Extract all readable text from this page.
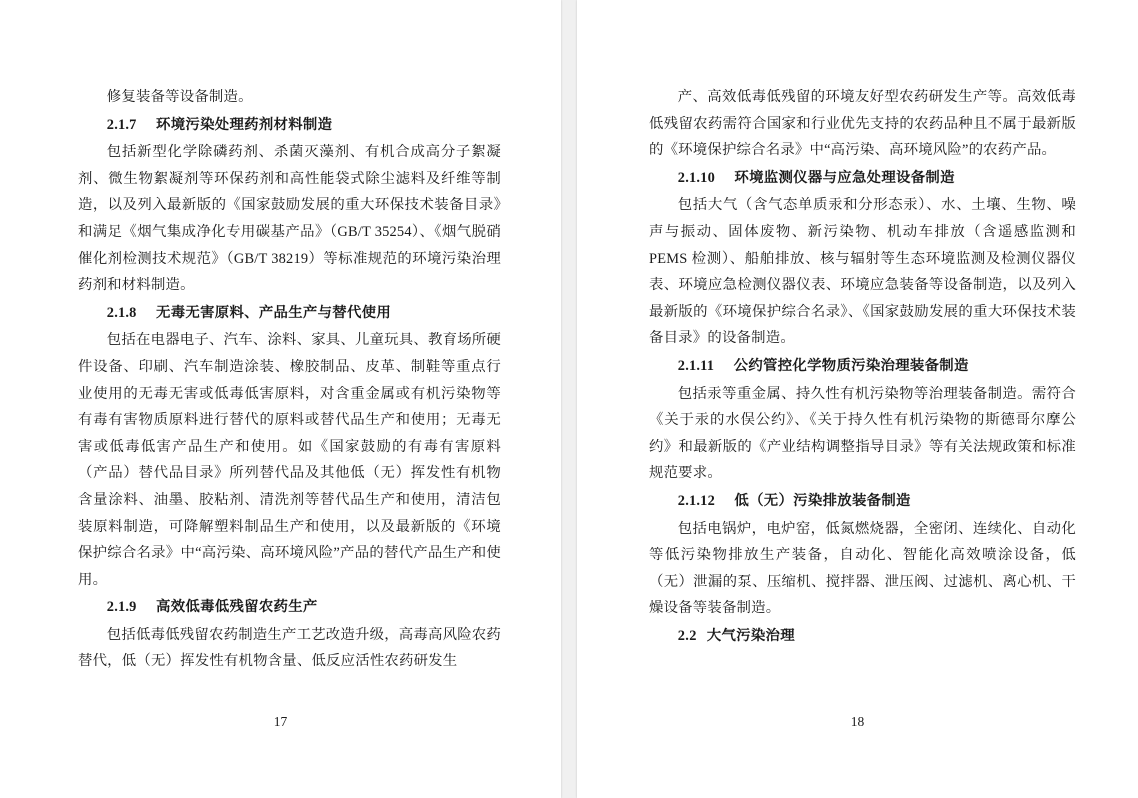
修复装备等设备制造。

2.1.7 环境污染处理药剂材料制造

包括新型化学除磷药剂、杀菌灭藻剂、有机合成高分子絮凝剂、微生物絮凝剂等环保药剂和高性能袋式除尘滤料及纤维等制造，以及列入最新版的《国家鼓励发展的重大环保技术装备目录》和满足《烟气集成净化专用碳基产品》（GB/T 35254）、《烟气脱硝催化剂检测技术规范》（GB/T 38219）等标准规范的环境污染治理药剂和材料制造。

2.1.8 无毒无害原料、产品生产与替代使用

包括在电器电子、汽车、涂料、家具、儿童玩具、教育场所硬件设备、印刷、汽车制造涂装、橡胶制品、皮革、制鞋等重点行业使用的无毒无害或低毒低害原料，对含重金属或有机污染物等有毒有害物质原料进行替代的原料或替代品生产和使用；无毒无害或低毒低害产品生产和使用。如《国家鼓励的有毒有害原料（产品）替代品目录》所列替代品及其他低（无）挥发性有机物含量涂料、油墨、胶粘剂、清洗剂等替代品生产和使用，清洁包装原料制造，可降解塑料制品生产和使用，以及最新版的《环境保护综合名录》中“高污染、高环境风险”产品的替代产品生产和使用。

2.1.9 高效低毒低残留农药生产

包括低毒低残留农药制造生产工艺改造升级，高毒高风险农药替代，低（无）挥发性有机物含量、低反应活性农药研发生

17

产、高效低毒低残留的环境友好型农药研发生产等。高效低毒低残留农药需符合国家和行业优先支持的农药品种且不属于最新版的《环境保护综合名录》中“高污染、高环境风险”的农药产品。

2.1.10 环境监测仪器与应急处理设备制造

包括大气（含气态单质汞和分形态汞）、水、土壤、生物、噪声与振动、固体废物、新污染物、机动车排放（含遥感监测和PEMS 检测）、船舶排放、核与辐射等生态环境监测及检测仪器仪表、环境应急检测仪器仪表、环境应急装备等设备制造，以及列入最新版的《环境保护综合名录》、《国家鼓励发展的重大环保技术装备目录》的设备制造。

2.1.11 公约管控化学物质污染治理装备制造

包括汞等重金属、持久性有机污染物等治理装备制造。需符合《关于汞的水俣公约》、《关于持久性有机污染物的斯德哥尔摩公约》和最新版的《产业结构调整指导目录》等有关法规政策和标准规范要求。

2.1.12 低（无）污染排放装备制造

包括电锅炉，电炉窑，低氮燃烧器，全密闭、连续化、自动化等低污染物排放生产装备，自动化、智能化高效喷涂设备，低（无）泄漏的泵、压缩机、搅拌器、泄压阀、过滤机、离心机、干燥设备等装备制造。

2.2 大气污染治理

18
